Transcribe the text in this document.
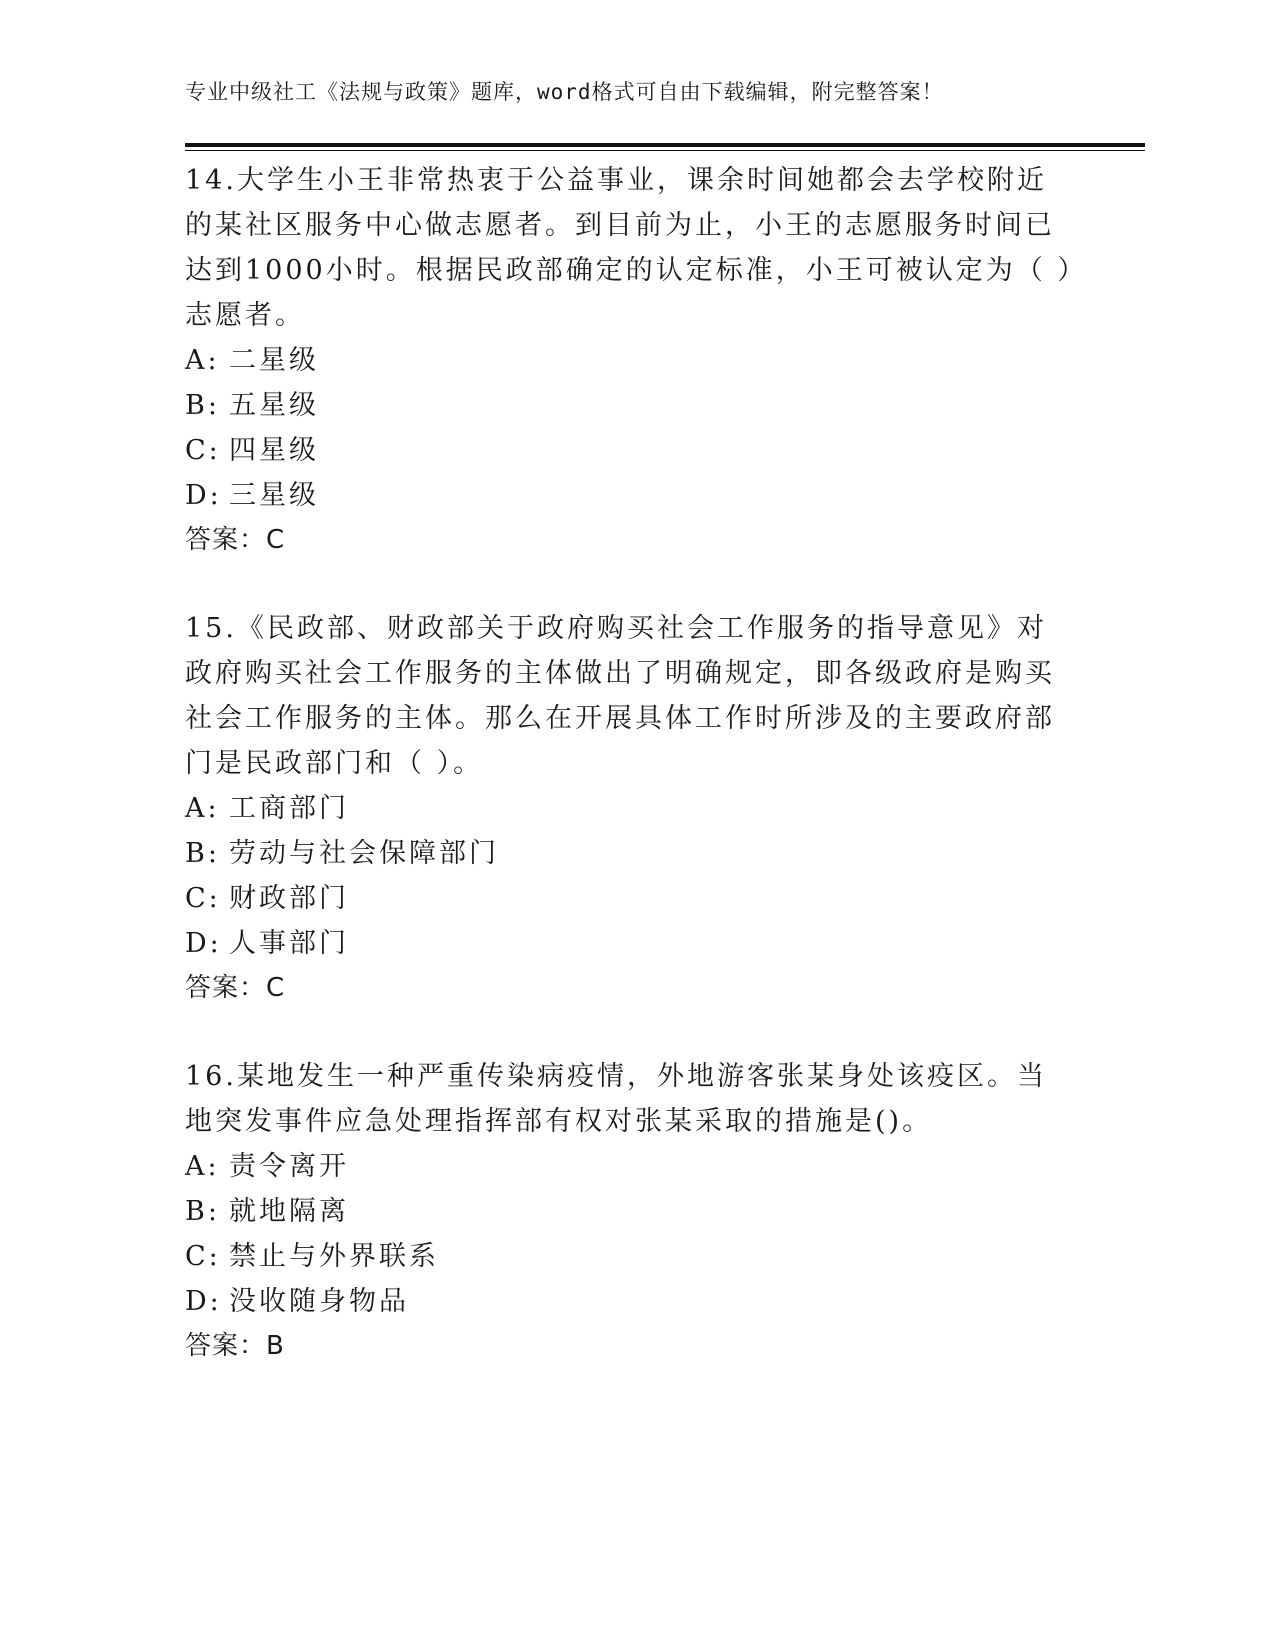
专业中级社工《法规与政策》题库，word格式可自由下载编辑，附完整答案！

14.大学生小王非常热衷于公益事业，课余时间她都会去学校附近的某社区服务中心做志愿者。到目前为止，小王的志愿服务时间已达到1000小时。根据民政部确定的认定标准，小王可被认定为（ ）志愿者。

A: 二星级

B: 五星级

C: 四星级

D: 三星级

答案：C

15.《民政部、财政部关于政府购买社会工作服务的指导意见》对政府购买社会工作服务的主体做出了明确规定，即各级政府是购买社会工作服务的主体。那么在开展具体工作时所涉及的主要政府部门是民政部门和（ ）。

A: 工商部门

B: 劳动与社会保障部门

C: 财政部门

D: 人事部门

答案：C

16.某地发生一种严重传染病疫情，外地游客张某身处该疫区。当地突发事件应急处理指挥部有权对张某采取的措施是()。

A: 责令离开

B: 就地隔离

C: 禁止与外界联系

D: 没收随身物品

答案：B
